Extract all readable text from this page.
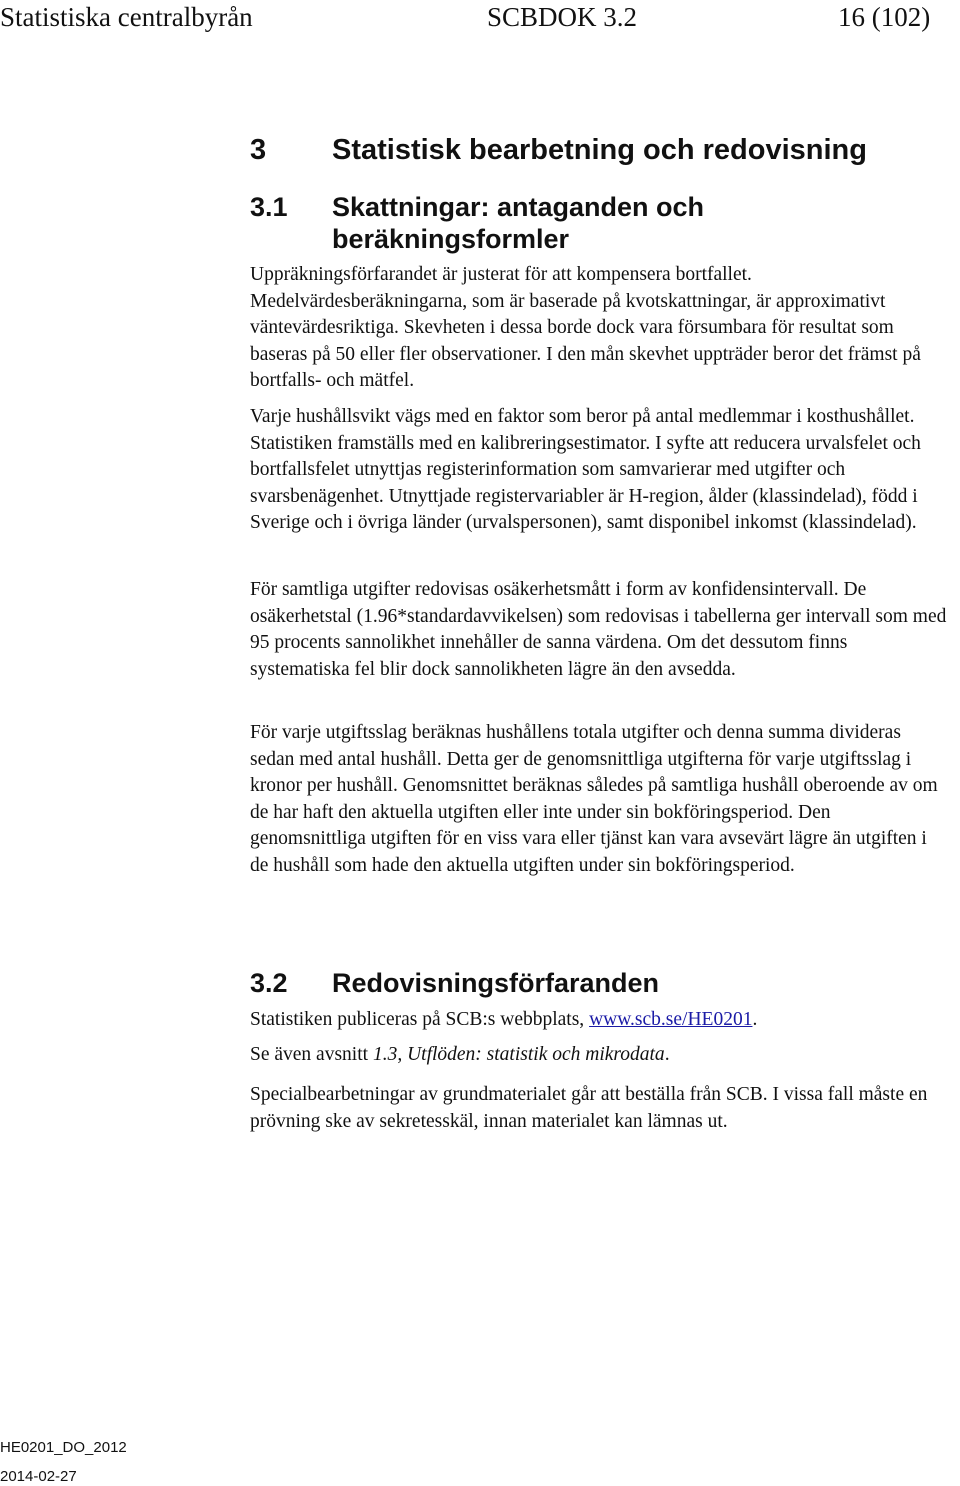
Statistiska centralbyrån	SCBDOK 3.2	16 (102)
3 Statistisk bearbetning och redovisning
3.1 Skattningar: antaganden och
beräkningsformler

Uppräkningsförfarandet är justerat för att kompensera bortfallet. Medelvärdesberäkningarna, som är baserade på kvotskattningar, är approximativt väntevärdesriktiga. Skevheten i dessa borde dock vara försumbara för resultat som baseras på 50 eller fler observationer. I den mån skevhet uppträder beror det främst på bortfalls- och mätfel.

Varje hushållsvikt vägs med en faktor som beror på antal medlemmar i kosthushållet. Statistiken framställs med en kalibreringsestimator. I syfte att reducera urvalsfelet och bortfallsfelet utnyttjas registerinformation som samvarierar med utgifter och svarsbenägenhet. Utnyttjade registervariabler är H-region, ålder (klassindelad), född i Sverige och i övriga länder (urvalspersonen), samt disponibel inkomst (klassindelad).

För samtliga utgifter redovisas osäkerhetsmått i form av konfidensintervall. De osäkerhetstal (1.96*standardavvikelsen) som redovisas i tabellerna ger intervall som med 95 procents sannolikhet innehåller de sanna värdena. Om det dessutom finns systematiska fel blir dock sannolikheten lägre än den avsedda.

För varje utgiftsslag beräknas hushållens totala utgifter och denna summa divideras sedan med antal hushåll. Detta ger de genomsnittliga utgifterna för varje utgiftsslag i kronor per hushåll. Genomsnittet beräknas således på samtliga hushåll oberoende av om de har haft den aktuella utgiften eller inte under sin bokföringsperiod. Den genomsnittliga utgiften för en viss vara eller tjänst kan vara avsevärt lägre än utgiften i de hushåll som hade den aktuella utgiften under sin bokföringsperiod.

3.2 Redovisningsförfaranden

Statistiken publiceras på SCB:s webbplats, www.scb.se/HE0201.

Se även avsnitt 1.3, Utflöden: statistik och mikrodata.

Specialbearbetningar av grundmaterialet går att beställa från SCB. I vissa fall måste en prövning ske av sekretesskäl, innan materialet kan lämnas ut.

HE0201_DO_2012
2014-02-27
